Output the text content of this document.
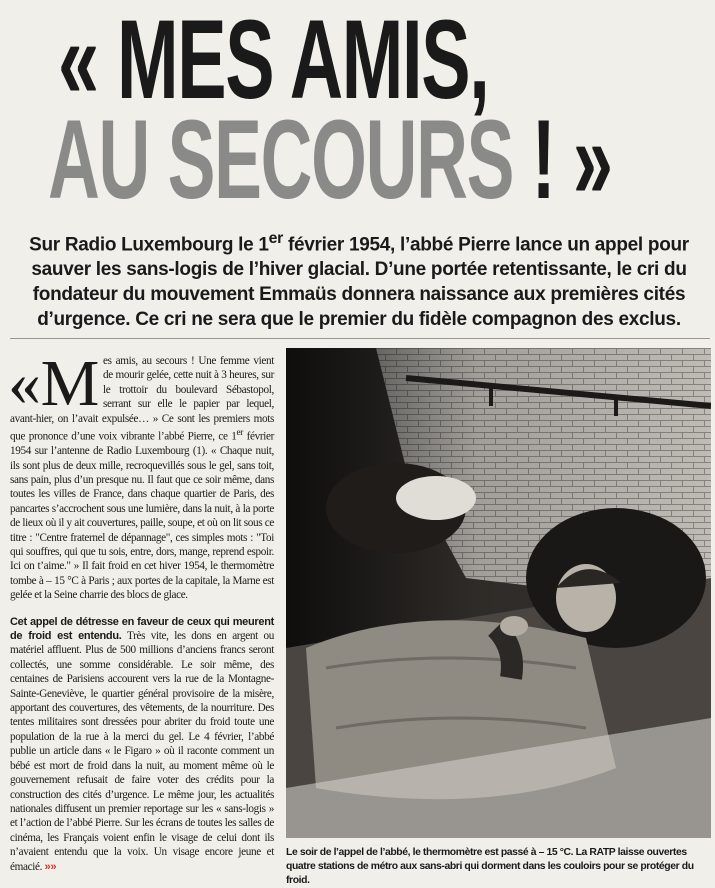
« MES AMIS,
AU SECOURS ! »
Sur Radio Luxembourg le 1er février 1954, l’abbé Pierre lance un appel pour sauver les sans-logis de l’hiver glacial. D’une portée retentissante, le cri du fondateur du mouvement Emmaüs donnera naissance aux premières cités d’urgence. Ce cri ne sera que le premier du fidèle compagnon des exclus.

«M es amis, au secours ! Une femme vient de mourir gelée, cette nuit à 3 heures, sur le trottoir du boulevard Sébastopol, serrant sur elle le papier par lequel, avant-hier, on l’avait expulsée… » Ce sont les premiers mots que prononce d’une voix vibrante l’abbé Pierre, ce 1er février 1954 sur l’antenne de Radio Luxembourg (1). « Chaque nuit, ils sont plus de deux mille, recroquevillés sous le gel, sans toit, sans pain, plus d’un presque nu. Il faut que ce soir même, dans toutes les villes de France, dans chaque quartier de Paris, des pancartes s’accrochent sous une lumière, dans la nuit, à la porte de lieux où il y ait couvertures, paille, soupe, et où on lit sous ce titre : "Centre fraternel de dépannage", ces simples mots : "Toi qui souffres, qui que tu sois, entre, dors, mange, reprend espoir. Ici on t’aime." » Il fait froid en cet hiver 1954, le thermomètre tombe à – 15 °C à Paris ; aux portes de la capitale, la Marne est gelée et la Seine charrie des blocs de glace.

Cet appel de détresse en faveur de ceux qui meurent de froid est entendu. Très vite, les dons en argent ou matériel affluent. Plus de 500 millions d’anciens francs seront collectés, une somme considérable. Le soir même, des centaines de Parisiens accourent vers la rue de la Montagne-Sainte-Geneviève, le quartier général provisoire de la misère, apportant des couvertures, des vêtements, de la nourriture. Des tentes militaires sont dressées pour abriter du froid toute une population de la rue à la merci du gel. Le 4 février, l’abbé publie un article dans « le Figaro » où il raconte comment un bébé est mort de froid dans la nuit, au moment même où le gouvernement refusait de faire voter des crédits pour la construction des cités d’urgence. Le même jour, les actualités nationales diffusent un premier reportage sur les « sans-logis » et l’action de l’abbé Pierre. Sur les écrans de toutes les salles de cinéma, les Français voient enfin le visage de celui dont ils n’avaient entendu que la voix. Un visage encore jeune et émacié. »»

Le soir de l’appel de l’abbé, le thermomètre est passé à – 15 °C. La RATP laisse ouvertes quatre stations de métro aux sans-abri qui dorment dans les couloirs pour se protéger du froid.
